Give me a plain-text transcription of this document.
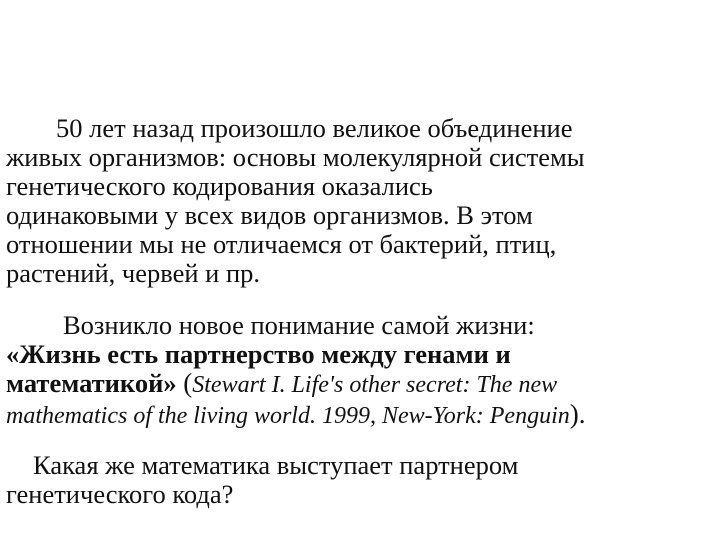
50 лет назад произошло великое объединение
живых организмов: основы молекулярной системы
генетического кодирования оказались
одинаковыми у всех видов организмов. В этом
отношении мы не отличаемся от бактерий, птиц,
растений, червей и пр.

Возникло новое понимание самой жизни:
«Жизнь есть партнерство между генами и
математикой» (Stewart I. Life's other secret: The new
mathematics of the living world. 1999, New-York: Penguin).

Какая же математика выступает партнером
генетического кода?
